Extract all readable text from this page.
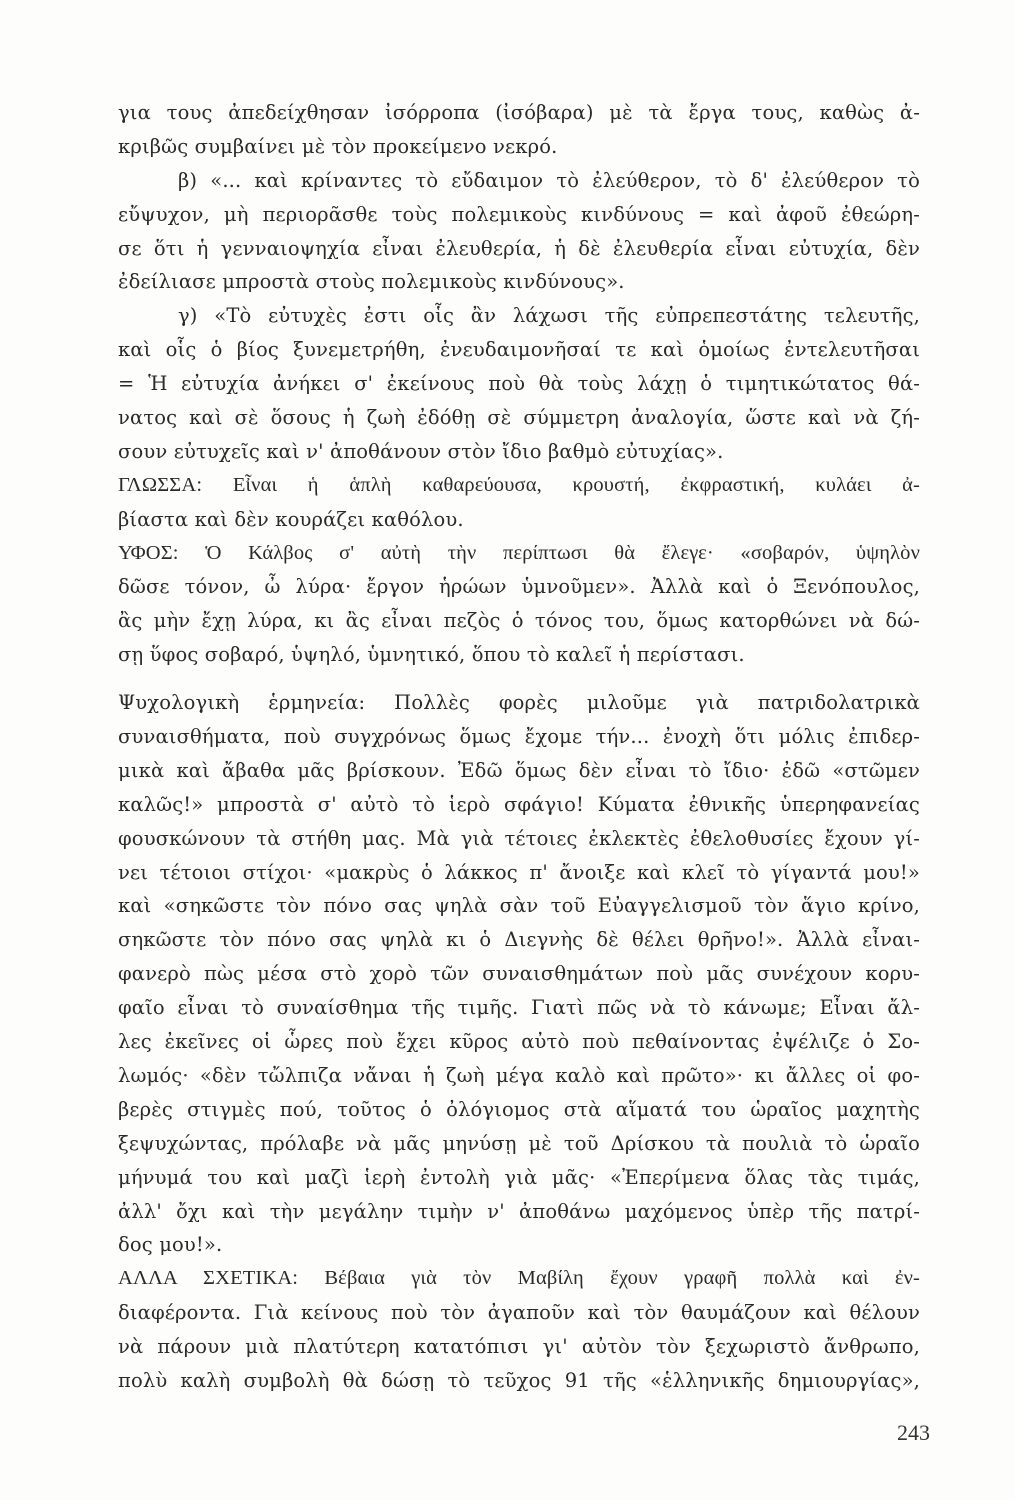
για τους ἀπεδείχθησαν ἰσόρροπα (ἰσόβαρα) μὲ τὰ ἔργα τους, καθὼς ἀ-
κριβῶς συμβαίνει μὲ τὸν προκείμενο νεκρό.
β) «... καὶ κρίναντες τὸ εὔδαιμον τὸ ἐλεύθερον, τὸ δ' ἐλεύθερον τὸ
εὔψυχον, μὴ περιορᾶσθε τοὺς πολεμικοὺς κινδύνους = καὶ ἀφοῦ ἐθεώρη-
σε ὅτι ἡ γενναιοψηχία εἶναι ἐλευθερία, ἡ δὲ ἐλευθερία εἶναι εὐτυχία, δὲν
ἐδείλιασε μπροστὰ στοὺς πολεμικοὺς κινδύνους».
γ) «Τὸ εὐτυχὲς ἐστι οἷς ἂν λάχωσι τῆς εὐπρεπεστάτης τελευτῆς,
καὶ οἷς ὁ βίος ξυνεμετρήθη, ἐνευδαιμονῆσαί τε καὶ ὁμοίως ἐντελευτῆσαι
= Ἡ εὐτυχία ἀνήκει σ' ἐκείνους ποὺ θὰ τοὺς λάχῃ ὁ τιμητικώτατος θά-
νατος καὶ σὲ ὅσους ἡ ζωὴ ἐδόθῃ σὲ σύμμετρη ἀναλογία, ὥστε καὶ νὰ ζή-
σουν εὐτυχεῖς καὶ ν' ἀποθάνουν στὸν ἴδιο βαθμὸ εὐτυχίας».
ΓΛΩΣΣΑ: Εἶναι ἡ ἁπλὴ καθαρεύουσα, κρουστή, ἐκφραστική, κυλάει ἀ-
βίαστα καὶ δὲν κουράζει καθόλου.
ΥΦΟΣ: Ὁ Κάλβος σ' αὐτὴ τὴν περίπτωσι θὰ ἔλεγε· «σοβαρόν, ὑψηλὸν
δῶσε τόνον, ὦ λύρα· ἔργον ἡρώων ὑμνοῦμεν». Ἀλλὰ καὶ ὁ Ξενόπουλος,
ἂς μὴν ἔχῃ λύρα, κι ἂς εἶναι πεζὸς ὁ τόνος του, ὅμως κατορθώνει νὰ δώ-
σῃ ὕφος σοβαρό, ὑψηλό, ὑμνητικό, ὅπου τὸ καλεῖ ἡ περίστασι.
Ψυχολογικὴ ἑρμηνεία: Πολλὲς φορὲς μιλοῦμε γιὰ πατριδολατρικὰ
συναισθήματα, ποὺ συγχρόνως ὅμως ἔχομε τήν... ἐνοχὴ ὅτι μόλις ἐπιδερ-
μικὰ καὶ ἄβαθα μᾶς βρίσκουν. Ἐδῶ ὅμως δὲν εἶναι τὸ ἴδιο· ἐδῶ «στῶμεν
καλῶς!» μπροστὰ σ' αὐτὸ τὸ ἱερὸ σφάγιο! Κύματα ἐθνικῆς ὑπερηφανείας
φουσκώνουν τὰ στήθη μας. Μὰ γιὰ τέτοιες ἐκλεκτὲς ἐθελοθυσίες ἔχουν γί-
νει τέτοιοι στίχοι· «μακρὺς ὁ λάκκος π' ἄνοιξε καὶ κλεῖ τὸ γίγαντά μου!»
καὶ «σηκῶστε τὸν πόνο σας ψηλὰ σὰν τοῦ Εὐαγγελισμοῦ τὸν ἅγιο κρίνο,
σηκῶστε τὸν πόνο σας ψηλὰ κι ὁ Διεγνὴς δὲ θέλει θρῆνο!». Ἀλλὰ εἶναι-
φανερὸ πὼς μέσα στὸ χορὸ τῶν συναισθημάτων ποὺ μᾶς συνέχουν κορυ-
φαῖο εἶναι τὸ συναίσθημα τῆς τιμῆς. Γιατὶ πῶς νὰ τὸ κάνωμε; Εἶναι ἄλ-
λες ἐκεῖνες οἱ ὧρες ποὺ ἔχει κῦρος αὐτὸ ποὺ πεθαίνοντας ἐψέλιζε ὁ Σο-
λωμός· «δὲν τὤλπιζα νἄναι ἡ ζωὴ μέγα καλὸ καὶ πρῶτο»· κι ἄλλες οἱ φο-
βερὲς στιγμὲς πού, τοῦτος ὁ ὀλόγιομος στὰ αἵματά του ὡραῖος μαχητὴς
ξεψυχώντας, πρόλαβε νὰ μᾶς μηνύσῃ μὲ τοῦ Δρίσκου τὰ πουλιὰ τὸ ὡραῖο
μήνυμά του καὶ μαζὶ ἱερὴ ἐντολὴ γιὰ μᾶς· «Ἐπερίμενα ὅλας τὰς τιμάς,
ἀλλ' ὄχι καὶ τὴν μεγάλην τιμὴν ν' ἀποθάνω μαχόμενος ὑπὲρ τῆς πατρί-
δος μου!».
ΑΛΛΑ ΣΧΕΤΙΚΑ: Βέβαια γιὰ τὸν Μαβίλη ἔχουν γραφῆ πολλὰ καὶ ἐν-
διαφέροντα. Γιὰ κείνους ποὺ τὸν ἀγαποῦν καὶ τὸν θαυμάζουν καὶ θέλουν
νὰ πάρουν μιὰ πλατύτερη κατατόπισι γι' αὐτὸν τὸν ξεχωριστὸ ἄνθρωπο,
πολὺ καλὴ συμβολὴ θὰ δώσῃ τὸ τεῦχος 91 τῆς «ἑλληνικῆς δημιουργίας»,
243
